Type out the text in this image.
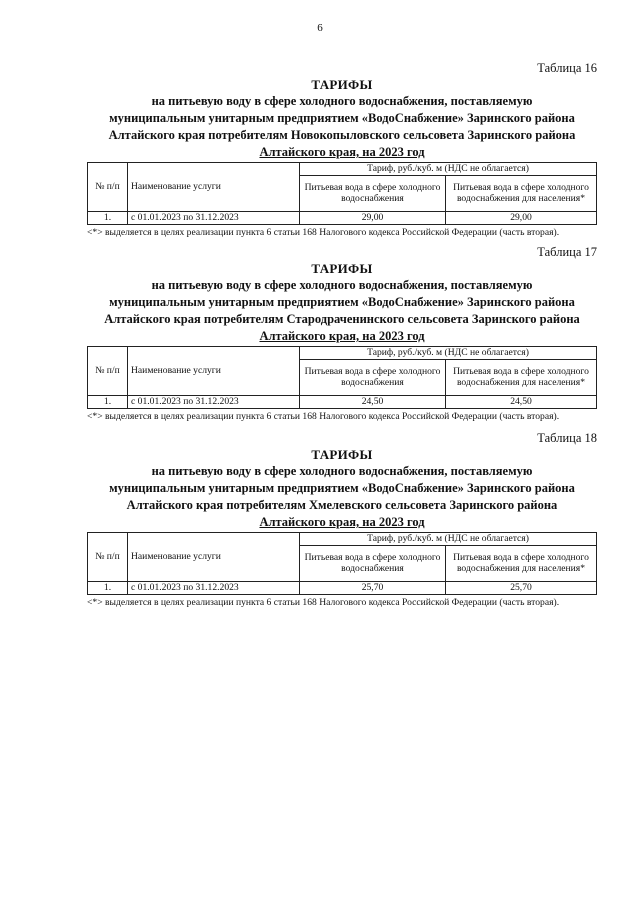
6
Таблица 16
ТАРИФЫ
на питьевую воду в сфере холодного водоснабжения, поставляемую
муниципальным унитарным предприятием «ВодоСнабжение» Заринского района
Алтайского края потребителям Новокопыловского сельсовета Заринского района
Алтайского края, на 2023 год
№ п/п	Наименование услуги	Тариф, руб./куб. м (НДС не облагается)	
		Питьевая вода в сфере холодного водоснабжения	Питьевая вода в сфере холодного водоснабжения для населения*
1.	с 01.01.2023 по 31.12.2023	29,00	29,00
<*> выделяется в целях реализации пункта 6 статьи 168 Налогового кодекса Российской Федерации (часть вторая).
Таблица 17
ТАРИФЫ
на питьевую воду в сфере холодного водоснабжения, поставляемую
муниципальным унитарным предприятием «ВодоСнабжение» Заринского района
Алтайского края потребителям Стародрачeнинского сельсовета Заринского района
Алтайского края, на 2023 год
№ п/п	Наименование услуги	Тариф, руб./куб. м (НДС не облагается)	
		Питьевая вода в сфере холодного водоснабжения	Питьевая вода в сфере холодного водоснабжения для населения*
1.	с 01.01.2023 по 31.12.2023	24,50	24,50
<*> выделяется в целях реализации пункта 6 статьи 168 Налогового кодекса Российской Федерации (часть вторая).
Таблица 18
ТАРИФЫ
на питьевую воду в сфере холодного водоснабжения, поставляемую
муниципальным унитарным предприятием «ВодоСнабжение» Заринского района
Алтайского края потребителям Хмелевского сельсовета Заринского района
Алтайского края, на 2023 год
№ п/п	Наименование услуги	Тариф, руб./куб. м (НДС не облагается)	
		Питьевая вода в сфере холодного водоснабжения	Питьевая вода в сфере холодного водоснабжения для населения*
1.	с 01.01.2023 по 31.12.2023	25,70	25,70
<*> выделяется в целях реализации пункта 6 статьи 168 Налогового кодекса Российской Федерации (часть вторая).
